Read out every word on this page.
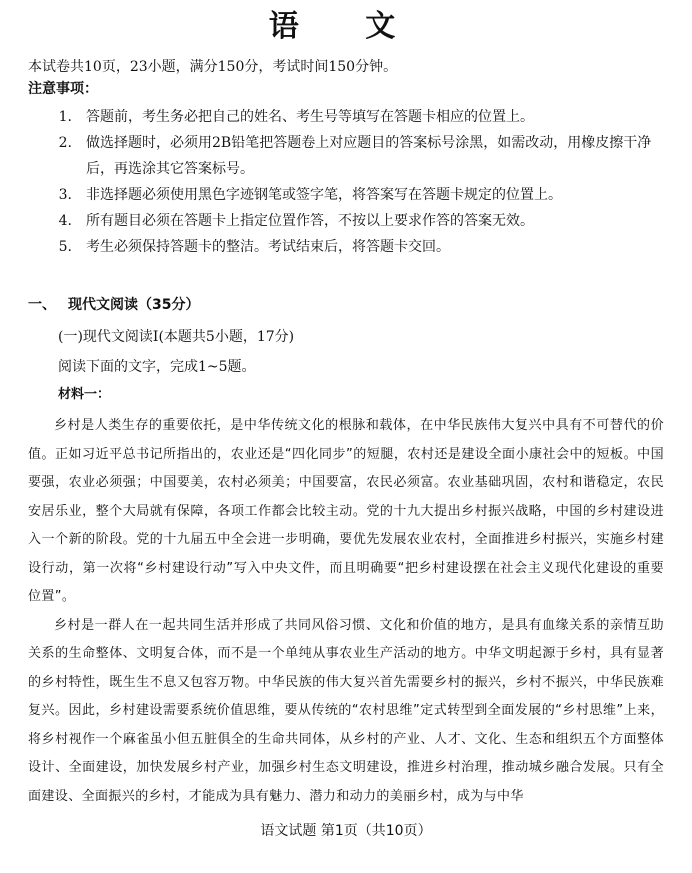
语 文
本试卷共10页，23小题，满分150分，考试时间150分钟。
注意事项：
1.	答题前，考生务必把自己的姓名、考生号等填写在答题卡相应的位置上。
2.	做选择题时，必须用2B铅笔把答题卷上对应题目的答案标号涂黑，如需改动，用橡皮擦干净后，再选涂其它答案标号。
3.	非选择题必须使用黑色字迹钢笔或签字笔，将答案写在答题卡规定的位置上。
4.	所有题目必须在答题卡上指定位置作答，不按以上要求作答的答案无效。
5.	考生必须保持答题卡的整洁。考试结束后，将答题卡交回。
一、 现代文阅读（35分）
(一)现代文阅读Ⅰ(本题共5小题，17分)
阅读下面的文字，完成1~5题。
材料一：

乡村是人类生存的重要依托，是中华传统文化的根脉和载体，在中华民族伟大复兴中具有不可替代的价值。正如习近平总书记所指出的，农业还是“四化同步”的短腿，农村还是建设全面小康社会中的短板。中国要强，农业必须强；中国要美，农村必须美；中国要富，农民必须富。农业基础巩固，农村和谐稳定，农民安居乐业，整个大局就有保障，各项工作都会比较主动。党的十九大提出乡村振兴战略，中国的乡村建设进入一个新的阶段。党的十九届五中全会进一步明确，要优先发展农业农村，全面推进乡村振兴，实施乡村建设行动，第一次将“乡村建设行动”写入中央文件，而且明确要“把乡村建设摆在社会主义现代化建设的重要位置”。

乡村是一群人在一起共同生活并形成了共同风俗习惯、文化和价值的地方，是具有血缘关系的亲情互助关系的生命整体、文明复合体，而不是一个单纯从事农业生产活动的地方。中华文明起源于乡村，具有显著的乡村特性，既生生不息又包容万物。中华民族的伟大复兴首先需要乡村的振兴，乡村不振兴，中华民族难复兴。因此，乡村建设需要系统价值思维，要从传统的“农村思维”定式转型到全面发展的“乡村思维”上来，将乡村视作一个麻雀虽小但五脏俱全的生命共同体，从乡村的产业、人才、文化、生态和组织五个方面整体设计、全面建设，加快发展乡村产业，加强乡村生态文明建设，推进乡村治理，推动城乡融合发展。只有全面建设、全面振兴的乡村，才能成为具有魅力、潜力和动力的美丽乡村，成为与中华

语文试题 第1页（共10页）
